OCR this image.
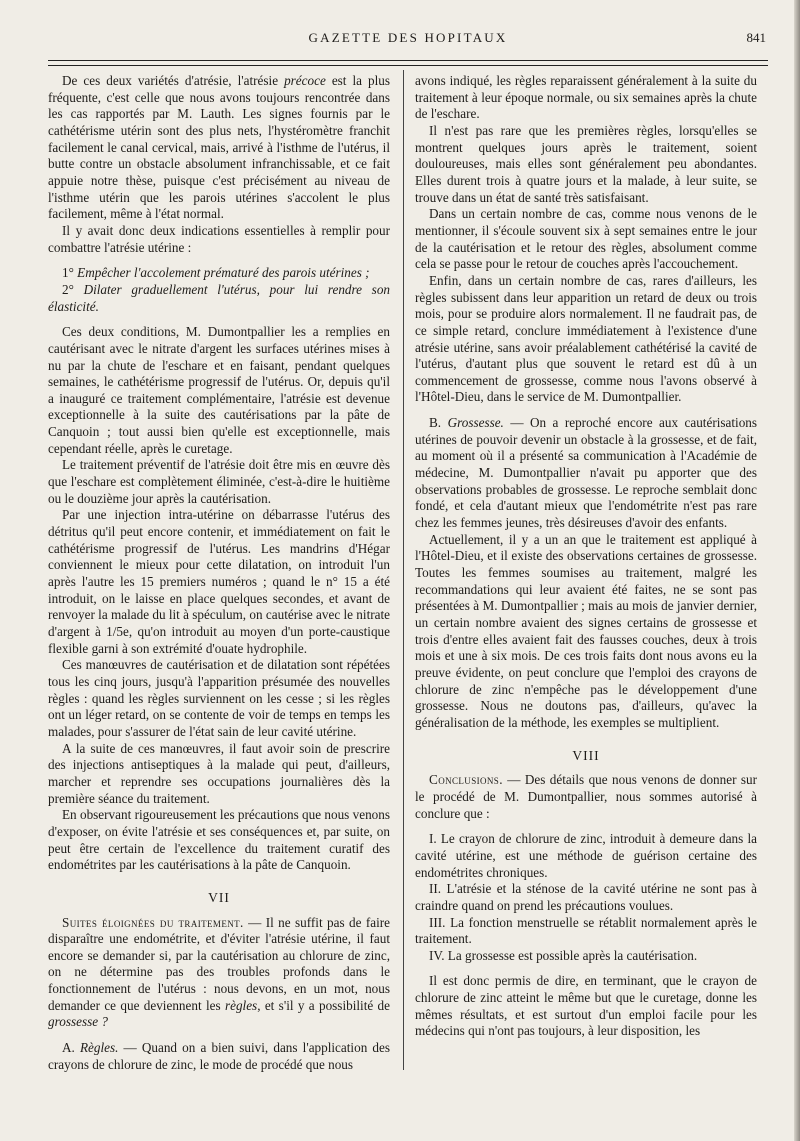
GAZETTE DES HOPITAUX	841

De ces deux variétés d'atrésie, l'atrésie précoce est la plus fréquente, c'est celle que nous avons toujours rencontrée dans les cas rapportés par M. Lauth. Les signes fournis par le cathétérisme utérin sont des plus nets, l'hystéromètre franchit facilement le canal cervical, mais, arrivé à l'isthme de l'utérus, il butte contre un obstacle absolument infranchissable, et ce fait appuie notre thèse, puisque c'est précisément au niveau de l'isthme utérin que les parois utérines s'accolent le plus facilement, même à l'état normal.

Il y avait donc deux indications essentielles à remplir pour combattre l'atrésie utérine :

1° Empêcher l'accolement prématuré des parois utérines ;

2° Dilater graduellement l'utérus, pour lui rendre son élasticité.

Ces deux conditions, M. Dumontpallier les a remplies en cautérisant avec le nitrate d'argent les surfaces utérines mises à nu par la chute de l'eschare et en faisant, pendant quelques semaines, le cathétérisme progressif de l'utérus. Or, depuis qu'il a inauguré ce traitement complémentaire, l'atrésie est devenue exceptionnelle à la suite des cautérisations par la pâte de Canquoin ; tout aussi bien qu'elle est exceptionnelle, mais cependant réelle, après le curetage.

Le traitement préventif de l'atrésie doit être mis en œuvre dès que l'eschare est complètement éliminée, c'est-à-dire le huitième ou le douzième jour après la cautérisation.

Par une injection intra-utérine on débarrasse l'utérus des détritus qu'il peut encore contenir, et immédiatement on fait le cathétérisme progressif de l'utérus. Les mandrins d'Hégar conviennent le mieux pour cette dilatation, on introduit l'un après l'autre les 15 premiers numéros ; quand le n° 15 a été introduit, on le laisse en place quelques secondes, et avant de renvoyer la malade du lit à spéculum, on cautérise avec le nitrate d'argent à 1/5e, qu'on introduit au moyen d'un porte-caustique flexible garni à son extrémité d'ouate hydrophile.

Ces manœuvres de cautérisation et de dilatation sont répétées tous les cinq jours, jusqu'à l'apparition présumée des nouvelles règles : quand les règles surviennent on les cesse ; si les règles ont un léger retard, on se contente de voir de temps en temps les malades, pour s'assurer de l'état sain de leur cavité utérine.

A la suite de ces manœuvres, il faut avoir soin de prescrire des injections antiseptiques à la malade qui peut, d'ailleurs, marcher et reprendre ses occupations journalières dès la première séance du traitement.

En observant rigoureusement les précautions que nous venons d'exposer, on évite l'atrésie et ses conséquences et, par suite, on peut être certain de l'excellence du traitement curatif des endométrites par les cautérisations à la pâte de Canquoin.

VII

Suites éloignées du traitement. — Il ne suffit pas de faire disparaître une endométrite, et d'éviter l'atrésie utérine, il faut encore se demander si, par la cautérisation au chlorure de zinc, on ne détermine pas des troubles profonds dans le fonctionnement de l'utérus : nous devons, en un mot, nous demander ce que deviennent les règles, et s'il y a possibilité de grossesse ?

A. Règles. — Quand on a bien suivi, dans l'application des crayons de chlorure de zinc, le mode de procédé que nous

avons indiqué, les règles reparaissent généralement à la suite du traitement à leur époque normale, ou six semaines après la chute de l'eschare.

Il n'est pas rare que les premières règles, lorsqu'elles se montrent quelques jours après le traitement, soient douloureuses, mais elles sont généralement peu abondantes. Elles durent trois à quatre jours et la malade, à leur suite, se trouve dans un état de santé très satisfaisant.

Dans un certain nombre de cas, comme nous venons de le mentionner, il s'écoule souvent six à sept semaines entre le jour de la cautérisation et le retour des règles, absolument comme cela se passe pour le retour de couches après l'accouchement.

Enfin, dans un certain nombre de cas, rares d'ailleurs, les règles subissent dans leur apparition un retard de deux ou trois mois, pour se produire alors normalement. Il ne faudrait pas, de ce simple retard, conclure immédiatement à l'existence d'une atrésie utérine, sans avoir préalablement cathétérisé la cavité de l'utérus, d'autant plus que souvent le retard est dû à un commencement de grossesse, comme nous l'avons observé à l'Hôtel-Dieu, dans le service de M. Dumontpallier.

B. Grossesse. — On a reproché encore aux cautérisations utérines de pouvoir devenir un obstacle à la grossesse, et de fait, au moment où il a présenté sa communication à l'Académie de médecine, M. Dumontpallier n'avait pu apporter que des observations probables de grossesse. Le reproche semblait donc fondé, et cela d'autant mieux que l'endométrite n'est pas rare chez les femmes jeunes, très désireuses d'avoir des enfants.

Actuellement, il y a un an que le traitement est appliqué à l'Hôtel-Dieu, et il existe des observations certaines de grossesse. Toutes les femmes soumises au traitement, malgré les recommandations qui leur avaient été faites, ne se sont pas présentées à M. Dumontpallier ; mais au mois de janvier dernier, un certain nombre avaient des signes certains de grossesse et trois d'entre elles avaient fait des fausses couches, deux à trois mois et une à six mois. De ces trois faits dont nous avons eu la preuve évidente, on peut conclure que l'emploi des crayons de chlorure de zinc n'empêche pas le développement d'une grossesse. Nous ne doutons pas, d'ailleurs, qu'avec la généralisation de la méthode, les exemples se multiplient.

VIII

Conclusions. — Des détails que nous venons de donner sur le procédé de M. Dumontpallier, nous sommes autorisé à conclure que :

I. Le crayon de chlorure de zinc, introduit à demeure dans la cavité utérine, est une méthode de guérison certaine des endométrites chroniques.

II. L'atrésie et la sténose de la cavité utérine ne sont pas à craindre quand on prend les précautions voulues.

III. La fonction menstruelle se rétablit normalement après le traitement.

IV. La grossesse est possible après la cautérisation.

Il est donc permis de dire, en terminant, que le crayon de chlorure de zinc atteint le même but que le curetage, donne les mêmes résultats, et est surtout d'un emploi facile pour les médecins qui n'ont pas toujours, à leur disposition, les
